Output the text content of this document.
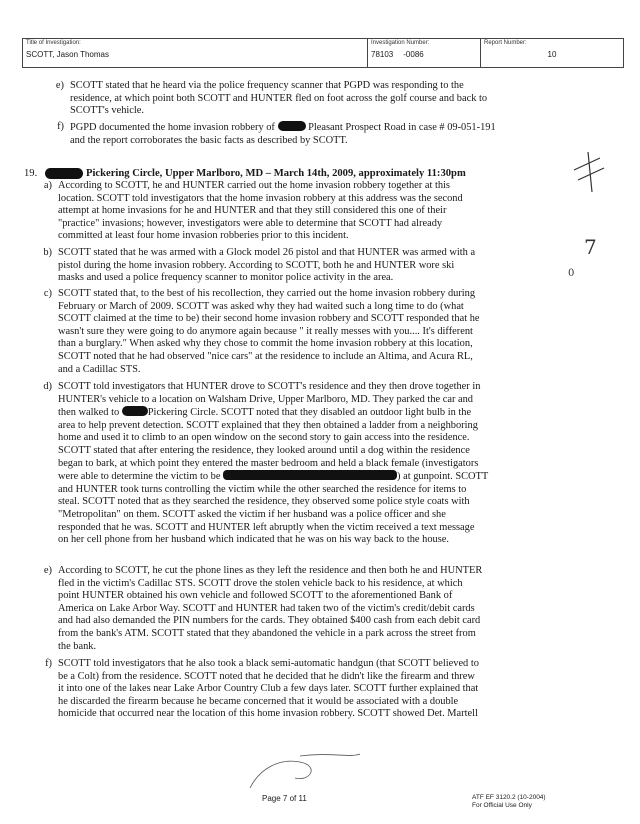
Title of Investigation:
SCOTT, Jason Thomas
Investigation Number:
78103 -0086
Report Number:
10
e) SCOTT stated that he heard via the police frequency scanner that PGPD was responding to the
residence, at which point both SCOTT and HUNTER fled on foot across the golf course and back to
SCOTT's vehicle.
f) PGPD documented the home invasion robbery of	Pleasant Prospect Road in case # 09-051-191
and the report corroborates the basic facts as described by SCOTT.
19.	Pickering Circle, Upper Marlboro, MD – March 14th, 2009, approximately 11:30pm
a) According to SCOTT, he and HUNTER carried out the home invasion robbery together at this
location. SCOTT told investigators that the home invasion robbery at this address was the second
attempt at home invasions for he and HUNTER and that they still considered this one of their
"practice" invasions; however, investigators were able to determine that SCOTT had already
committed at least four home invasion robberies prior to this incident.
b) SCOTT stated that he was armed with a Glock model 26 pistol and that HUNTER was armed with a
pistol during the home invasion robbery. According to SCOTT, both he and HUNTER wore ski
masks and used a police frequency scanner to monitor police activity in the area.
c) SCOTT stated that, to the best of his recollection, they carried out the home invasion robbery during
February or March of 2009. SCOTT was asked why they had waited such a long time to do (what
SCOTT claimed at the time to be) their second home invasion robbery and SCOTT responded that he
wasn't sure they were going to do anymore again because " it really messes with you.... It's different
than a burglary." When asked why they chose to commit the home invasion robbery at this location,
SCOTT noted that he had observed "nice cars" at the residence to include an Altima, and Acura RL,
and a Cadillac STS.
d) SCOTT told investigators that HUNTER drove to SCOTT's residence and they then drove together in
HUNTER's vehicle to a location on Walsham Drive, Upper Marlboro, MD. They parked the car and
then walked to	Pickering Circle. SCOTT noted that they disabled an outdoor light bulb in the
area to help prevent detection. SCOTT explained that they then obtained a ladder from a neighboring
home and used it to climb to an open window on the second story to gain access into the residence.
SCOTT stated that after entering the residence, they looked around until a dog within the residence
began to bark, at which point they entered the master bedroom and held a black female (investigators
were able to determine the victim to be	) at gunpoint. SCOTT
and HUNTER took turns controlling the victim while the other searched the residence for items to
steal. SCOTT noted that as they searched the residence, they observed some police style coats with
"Metropolitan" on them. SCOTT asked the victim if her husband was a police officer and she
responded that he was. SCOTT and HUNTER left abruptly when the victim received a text message
on her cell phone from her husband which indicated that he was on his way back to the house.
e) According to SCOTT, he cut the phone lines as they left the residence and then both he and HUNTER
fled in the victim's Cadillac STS. SCOTT drove the stolen vehicle back to his residence, at which
point HUNTER obtained his own vehicle and followed SCOTT to the aforementioned Bank of
America on Lake Arbor Way. SCOTT and HUNTER had taken two of the victim's credit/debit cards
and had also demanded the PIN numbers for the cards. They obtained $400 cash from each debit card
from the bank's ATM. SCOTT stated that they abandoned the vehicle in a park across the street from
the bank.
f) SCOTT told investigators that he also took a black semi-automatic handgun (that SCOTT believed to
be a Colt) from the residence. SCOTT noted that he decided that he didn't like the firearm and threw
it into one of the lakes near Lake Arbor Country Club a few days later. SCOTT further explained that
he discarded the firearm because he became concerned that it would be associated with a double
homicide that occurred near the location of this home invasion robbery. SCOTT showed Det. Martell
7
0
Page 7 of 11	ATF EF 3120.2 (10-2004)
For Official Use Only
